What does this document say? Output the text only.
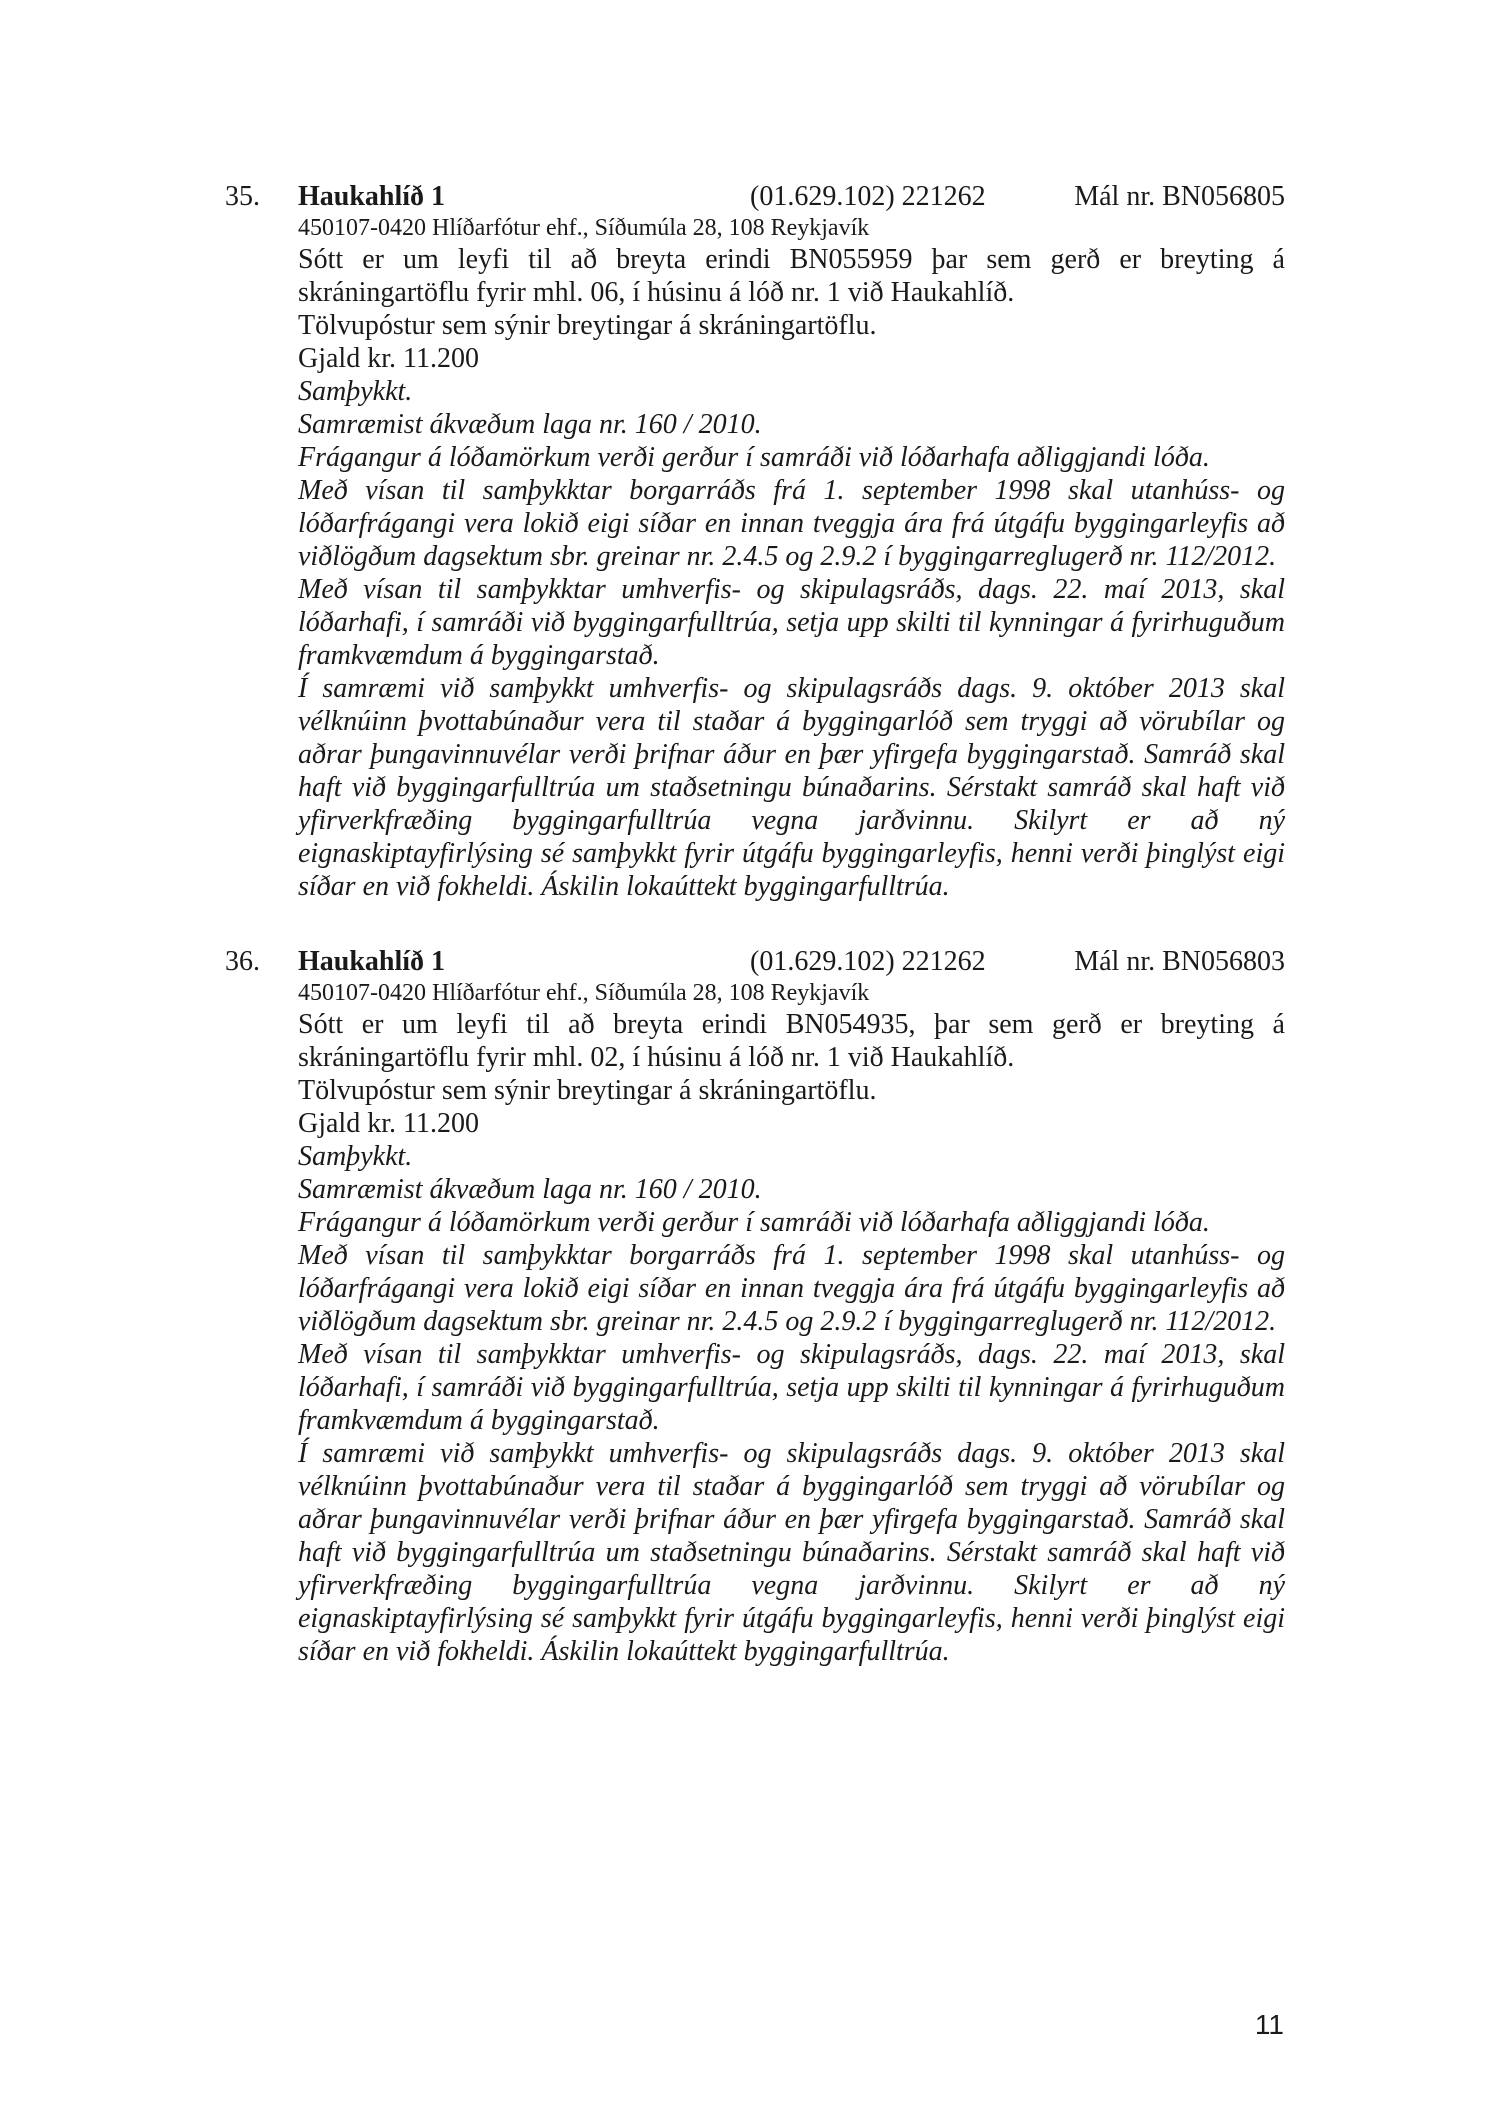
35. Haukahlíð 1	(01.629.102) 221262	Mál nr. BN056805

450107-0420 Hlíðarfótur ehf., Síðumúla 28, 108 Reykjavík

Sótt er um leyfi til að breyta erindi BN055959 þar sem gerð er breyting á skráningartöflu fyrir mhl. 06, í húsinu á lóð nr. 1 við Haukahlíð.

Tölvupóstur sem sýnir breytingar á skráningartöflu.

Gjald kr. 11.200

Samþykkt.

Samræmist ákvæðum laga nr. 160 / 2010.

Frágangur á lóðamörkum verði gerður í samráði við lóðarhafa aðliggjandi lóða.

Með vísan til samþykktar borgarráðs frá 1. september 1998 skal utanhúss- og lóðarfrágangi vera lokið eigi síðar en innan tveggja ára frá útgáfu byggingarleyfis að viðlögðum dagsektum sbr. greinar nr. 2.4.5 og 2.9.2 í byggingarreglugerð nr. 112/2012.

Með vísan til samþykktar umhverfis- og skipulagsráðs, dags. 22. maí 2013, skal lóðarhafi, í samráði við byggingarfulltrúa, setja upp skilti til kynningar á fyrirhuguðum framkvæmdum á byggingarstað.

Í samræmi við samþykkt umhverfis- og skipulagsráðs dags. 9. október 2013 skal vélknúinn þvottabúnaður vera til staðar á byggingarlóð sem tryggi að vörubílar og aðrar þungavinnuvélar verði þrifnar áður en þær yfirgefa byggingarstað. Samráð skal haft við byggingarfulltrúa um staðsetningu búnaðarins. Sérstakt samráð skal haft við yfirverkfræðing byggingarfulltrúa vegna jarðvinnu. Skilyrt er að ný eignaskiptayfirlýsing sé samþykkt fyrir útgáfu byggingarleyfis, henni verði þinglýst eigi síðar en við fokheldi. Áskilin lokaúttekt byggingarfulltrúa.

36. Haukahlíð 1	(01.629.102) 221262	Mál nr. BN056803

450107-0420 Hlíðarfótur ehf., Síðumúla 28, 108 Reykjavík

Sótt er um leyfi til að breyta erindi BN054935, þar sem gerð er breyting á skráningartöflu fyrir mhl. 02, í húsinu á lóð nr. 1 við Haukahlíð.

Tölvupóstur sem sýnir breytingar á skráningartöflu.

Gjald kr. 11.200

Samþykkt.

Samræmist ákvæðum laga nr. 160 / 2010.

Frágangur á lóðamörkum verði gerður í samráði við lóðarhafa aðliggjandi lóða.

Með vísan til samþykktar borgarráðs frá 1. september 1998 skal utanhúss- og lóðarfrágangi vera lokið eigi síðar en innan tveggja ára frá útgáfu byggingarleyfis að viðlögðum dagsektum sbr. greinar nr. 2.4.5 og 2.9.2 í byggingarreglugerð nr. 112/2012.

Með vísan til samþykktar umhverfis- og skipulagsráðs, dags. 22. maí 2013, skal lóðarhafi, í samráði við byggingarfulltrúa, setja upp skilti til kynningar á fyrirhuguðum framkvæmdum á byggingarstað.

Í samræmi við samþykkt umhverfis- og skipulagsráðs dags. 9. október 2013 skal vélknúinn þvottabúnaður vera til staðar á byggingarlóð sem tryggi að vörubílar og aðrar þungavinnuvélar verði þrifnar áður en þær yfirgefa byggingarstað. Samráð skal haft við byggingarfulltrúa um staðsetningu búnaðarins. Sérstakt samráð skal haft við yfirverkfræðing byggingarfulltrúa vegna jarðvinnu. Skilyrt er að ný eignaskiptayfirlýsing sé samþykkt fyrir útgáfu byggingarleyfis, henni verði þinglýst eigi síðar en við fokheldi. Áskilin lokaúttekt byggingarfulltrúa.

11
